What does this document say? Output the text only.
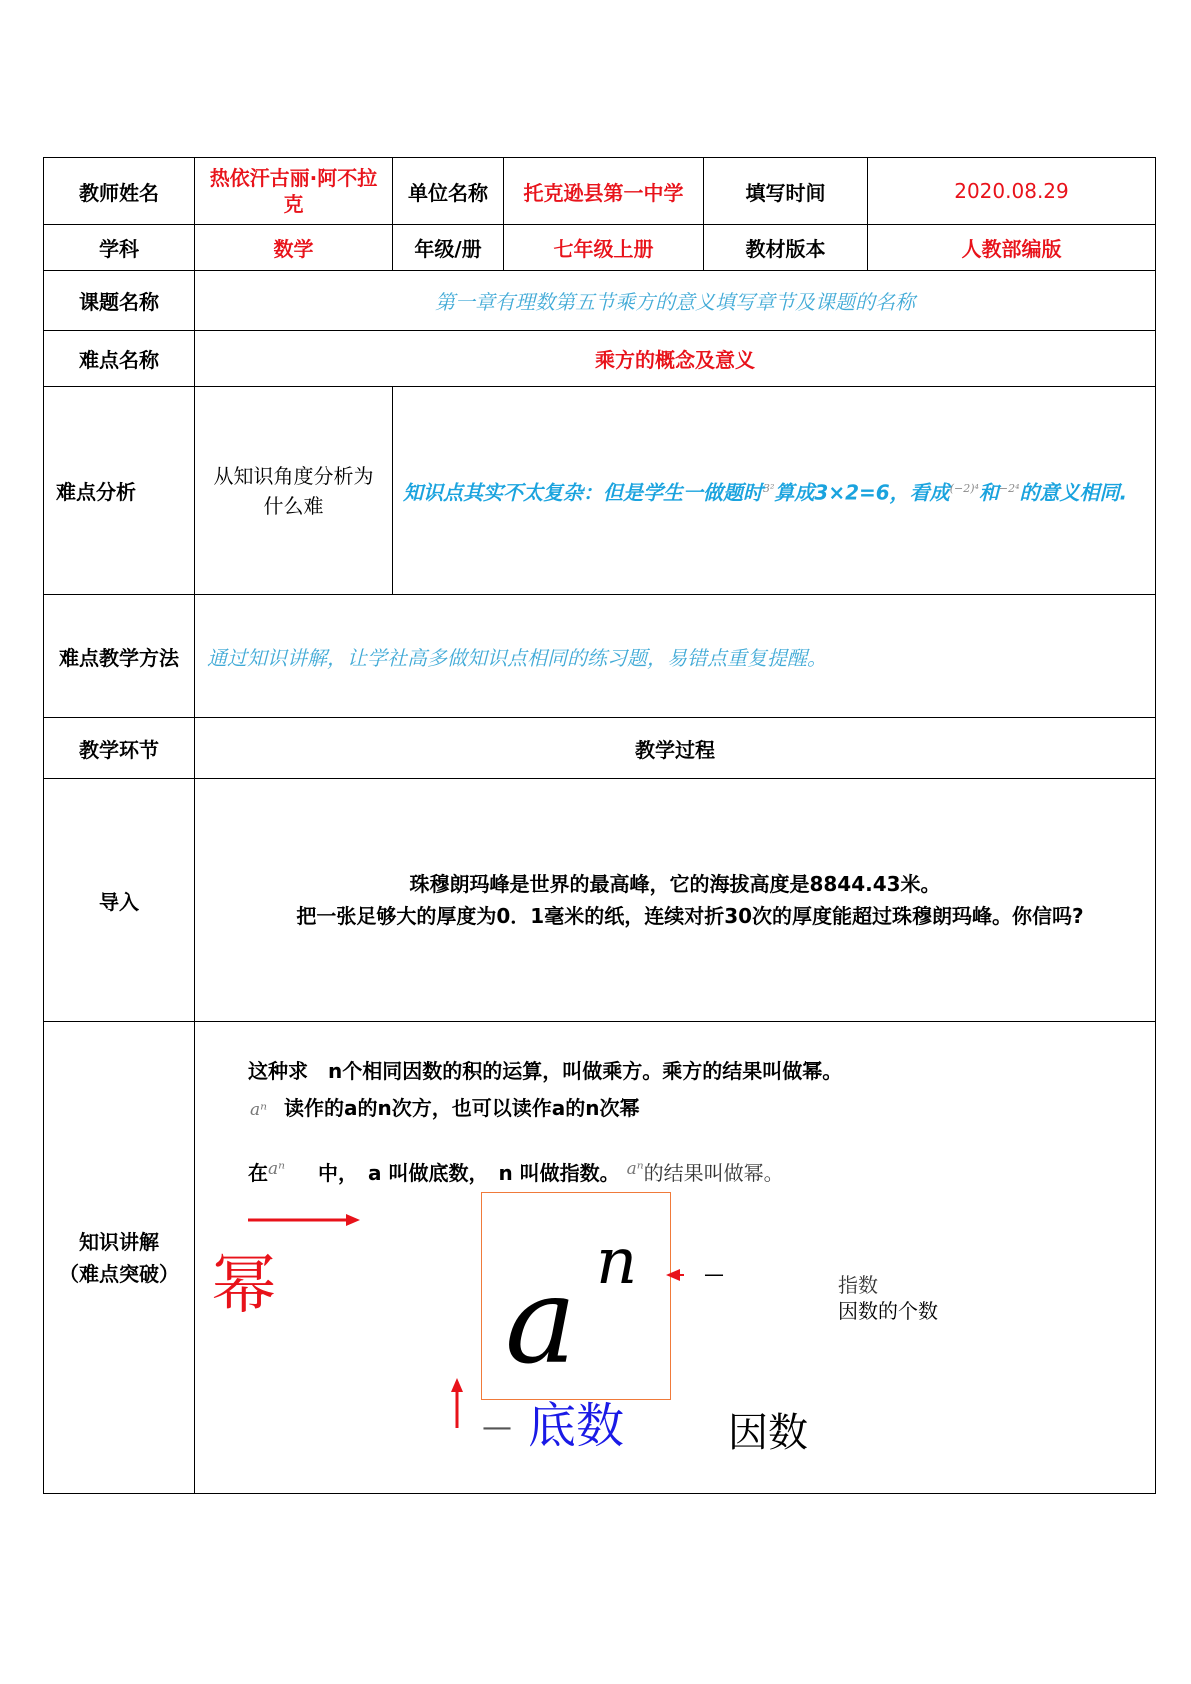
教师姓名	热依汗古丽·阿不拉克	单位名称	托克逊县第一中学	填写时间	2020.08.29
学科	数学	年级/册	七年级上册	教材版本	人教部编版
课题名称	第一章有理数第五节乘方的意义填写章节及课题的名称				
难点名称	乘方的概念及意义				
难点分析	从知识角度分析为什么难	知识点其实不太复杂：但是学生一做题时$^{3^2}$算成3×2=6，看成$^{(-2)^4}$和$^{-2^4}$的意义相同.			
难点教学方法	通过知识讲解，让学社高多做知识点相同的练习题，易错点重复提醒。				
教学环节	教学过程				
导入	珠穆朗玛峰是世界的最高峰，它的海拔高度是8844.43米。
把一张足够大的厚度为0．1毫米的纸，连续对折30次的厚度能超过珠穆朗玛峰。你信吗?				

知识讲解
（难点突破）					

这种求　n个相同因数的积的运算，叫做乘方。乘方的结果叫做幂。
aⁿ 读作的a的n次方，也可以读作a的n次幂
在$^{a^n}$ 中，　a 叫做底数，　n 叫做指数。 $^{a^n}$的结果叫做幂。
幂 a n	—	指数
因数的个数
— 底数	因数
